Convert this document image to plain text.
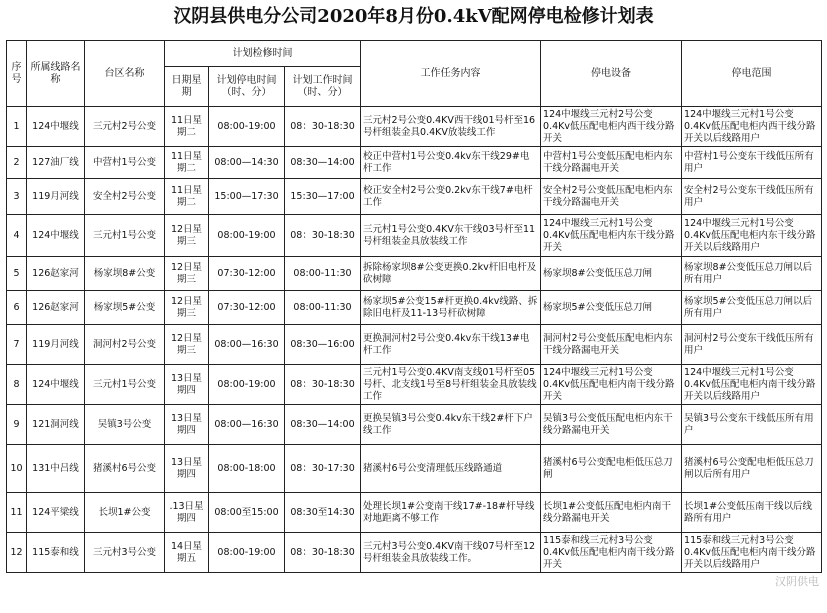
汉阴县供电分公司2020年8月份0.4kV配网停电检修计划表
序号	所属线路名 称	台区名称	计划检修时间			工作任务内容	停电设备	停电范围
			日期星期	计划停电时间（时、分）	计划工作时间（时、分）			
1	124中堰线	三元村2号公变	11日星期二	08:00-19:00	08：30-18:30	三元村2号公变0.4KV西干线01号杆至16号杆组装金具0.4KV放装线工作	124中堰线三元村2号公变0.4Kv低压配电柜内西干线分路开关	124中堰线三元村1号公变0.4Kv低压配电柜内西干线分路开关以后线路用户
2	127油厂线	中营村1号公变	11日星期二	08:00—14:30	08:30—14:00	校正中营村1号公变0.4kv东干线29#电杆工作	中营村1号公变低压配电柜内东干线分路漏电开关	中营村1号公变东干线低压所有用户
3	119月河线	安全村2号公变	11日星期二	15:00—17:30	15:30—17:00	校正安全村2号公变0.2kv东干线7#电杆工作	安全村2号公变低压配电柜内东干线分路漏电开关	安全村2号公变东干线低压所有用户
4	124中堰线	三元村1号公变	12日星期三	08:00-19:00	08：30-18:30	三元村1号公变0.4KV东干线03号杆至11号杆组装金具放装线工作	124中堰线三元村1号公变0.4Kv低压配电柜内东干线分路开关	124中堰线三元村1号公变0.4Kv低压配电柜内东干线分路开关以后线路用户
5	126赵家河	杨家坝8#公变	12日星期三	07:30-12:00	08:00-11:30	拆除杨家坝8#公变更换0.2kv杆旧电杆及砍树障	杨家坝8#公变低压总刀闸	杨家坝8#公变低压总刀闸以后所有用户
6	126赵家河	杨家坝5#公变	12日星期三	07:30-12:00	08:00-11:30	杨家坝5#公变15#杆更换0.4kv线路、拆除旧电杆及11-13号杆砍树障	杨家坝5#公变低压总刀闸	杨家坝5#公变低压总刀闸以后所有用户
7	119月河线	洞河村2号公变	12日星期三	08:00—16:30	08:30—16:00	更换洞河村2号公变0.4kv东干线13#电杆工作	洞河村2号公变低压配电柜内东干线分路漏电开关	洞河村2号公变东干线低压所有用户
8	124中堰线	三元村1号公变	13日星期四	08:00-19:00	08：30-18:30	三元村1号公变0.4KV南支线01号杆至05号杆、北支线1号至8号杆组装金具放装线工作	124中堰线三元村1号公变0.4Kv低压配电柜内南干线分路开关	124中堰线三元村1号公变0.4Kv低压配电柜内南干线分路开关以后线路用户
9	121洞河线	吴镇3号公变	13日星期四	08:00—16:30	08:30—14:00	更换吴镇3号公变0.4kv东干线2#杆下户线工作	吴镇3号公变低压配电柜内东干线分路漏电开关	吴镇3号公变东干线低压所有用户
10	131中吕线	猪溪村6号公变	13日星期四	08:00-18:00	08：30-17:30	猪溪村6号公变清理低压线路通道	猪溪村6号公变配电柜低压总刀闸	猪溪村6号公变配电柜低压总刀闸以后所有用户
11	124平梁线	长坝1#公变	.13日星期四	08:00至15:00	08:30至14:30	处理长坝1#公变南干线17#-18#杆导线对地距离不够工作	长坝1#公变低压配电柜内南干线分路漏电开关	长坝1#公变低压南干线以后线路所有用户
12	115泰和线	三元村3号公变	14日星期五	08:00-19:00	08：30-18:30	三元村3号公变0.4KV南干线07号杆至12号杆组装金具放装线工作。	115泰和线三元村3号公变0.4Kv低压配电柜内南干线分路开关	115泰和线三元村3号公变0.4Kv低压配电柜内南干线分路开关以后线路用户
汉阴供电
